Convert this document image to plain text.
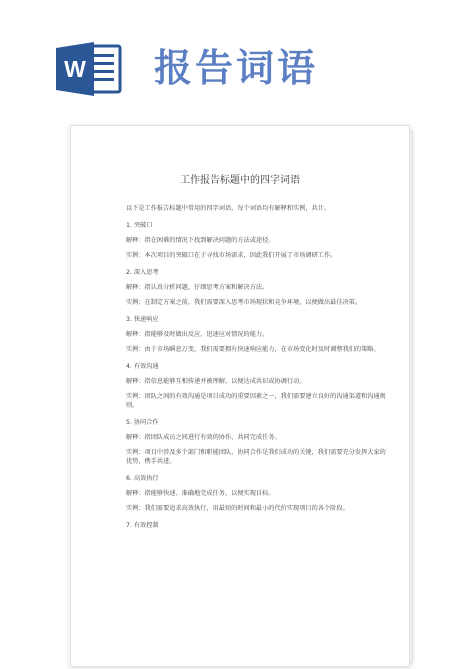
W 报告词语
工作报告标题中的四字词语
以下是工作报告标题中常用的四字词语，每个词语均有解释和实例，共计。
1. 突破口
解释：指在困难的情况下找到解决问题的方法或途径。
实例：本次项目的突破口在于寻找市场需求，因此我们开展了市场调研工作。
2. 深入思考
解释：指认真分析问题，仔细思考方案和解决方法。
实例：在制定方案之前，我们需要深入思考市场现状和竞争环境，以便做出最佳决策。
3. 快速响应
解释：指能够及时做出反应，迅速应对情况的能力。
实例：由于市场瞬息万变，我们需要拥有快速响应能力，在市场变化时及时调整我们的策略。
4. 有效沟通
解释：指信息能够互相传递并被理解，以便达成共识或协调行动。
实例：团队之间的有效沟通是项目成功的重要因素之一，我们需要建立良好的沟通渠道和沟通规则。
5. 协同合作
解释：指团队成员之间进行有效的协作，共同完成任务。
实例：项目中涉及多个部门和职能团队，协同合作是我们成功的关键，我们需要充分发挥大家的优势，携手共进。
6. 高效执行
解释：指能够快速、准确地完成任务，以便实现目标。
实例：我们需要追求高效执行，用最短的时间和最小的代价实现项目的各个阶段。
7. 有效控制
